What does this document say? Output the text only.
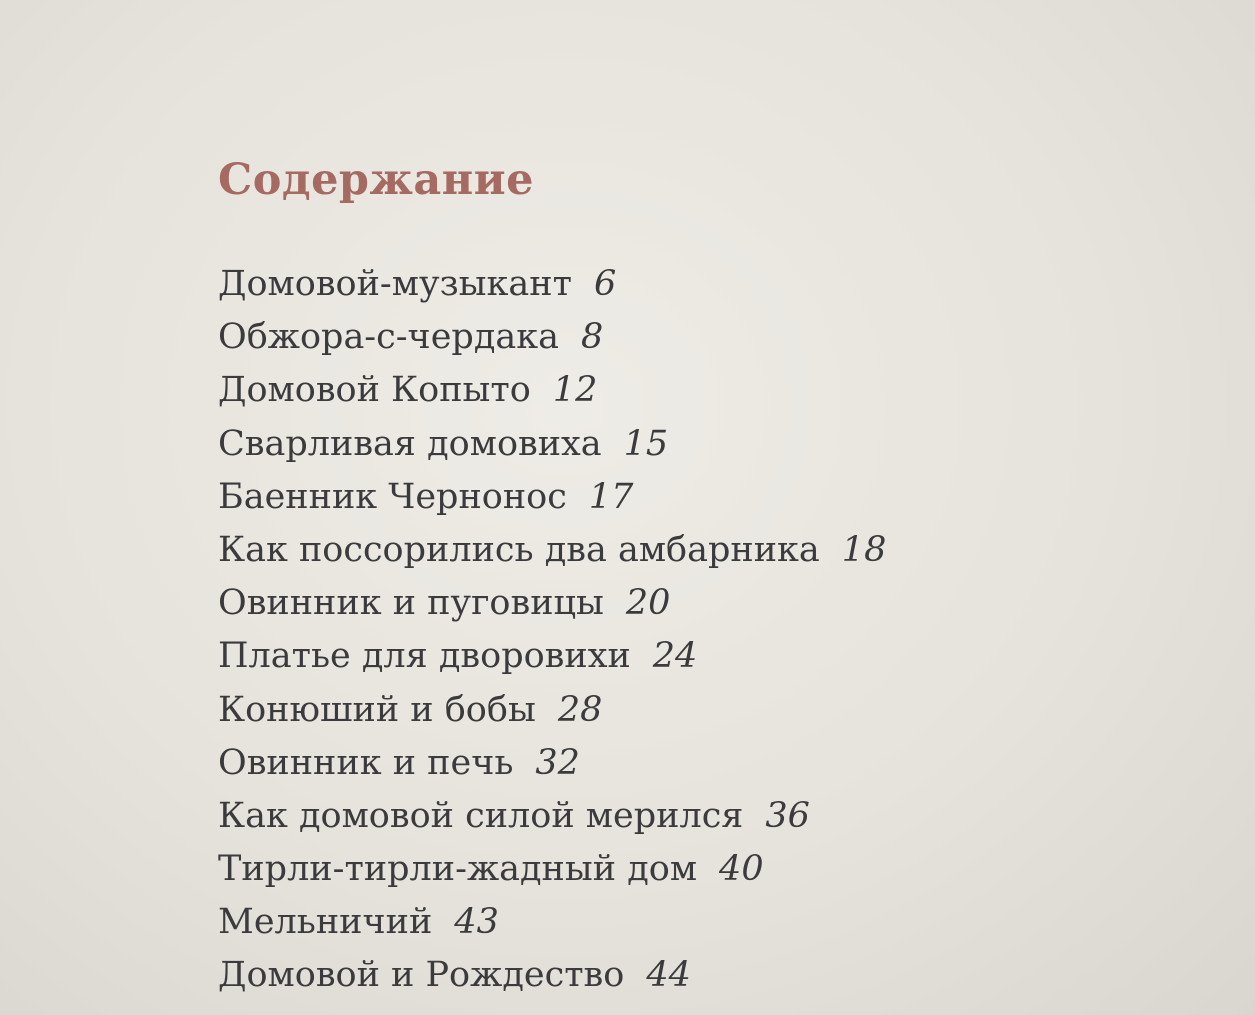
Содержание
Домовой-музыкант 6
Обжора-с-чердака 8
Домовой Копыто 12
Сварливая домовиха 15
Баенник Черноноc 17
Как поссорились два амбарника 18
Овинник и пуговицы 20
Платье для дворовихи 24
Конюший и бобы 28
Овинник и печь 32
Как домовой силой мерился 36
Тирли-тирли-жадный дом 40
Мельничий 43
Домовой и Рождество 44
